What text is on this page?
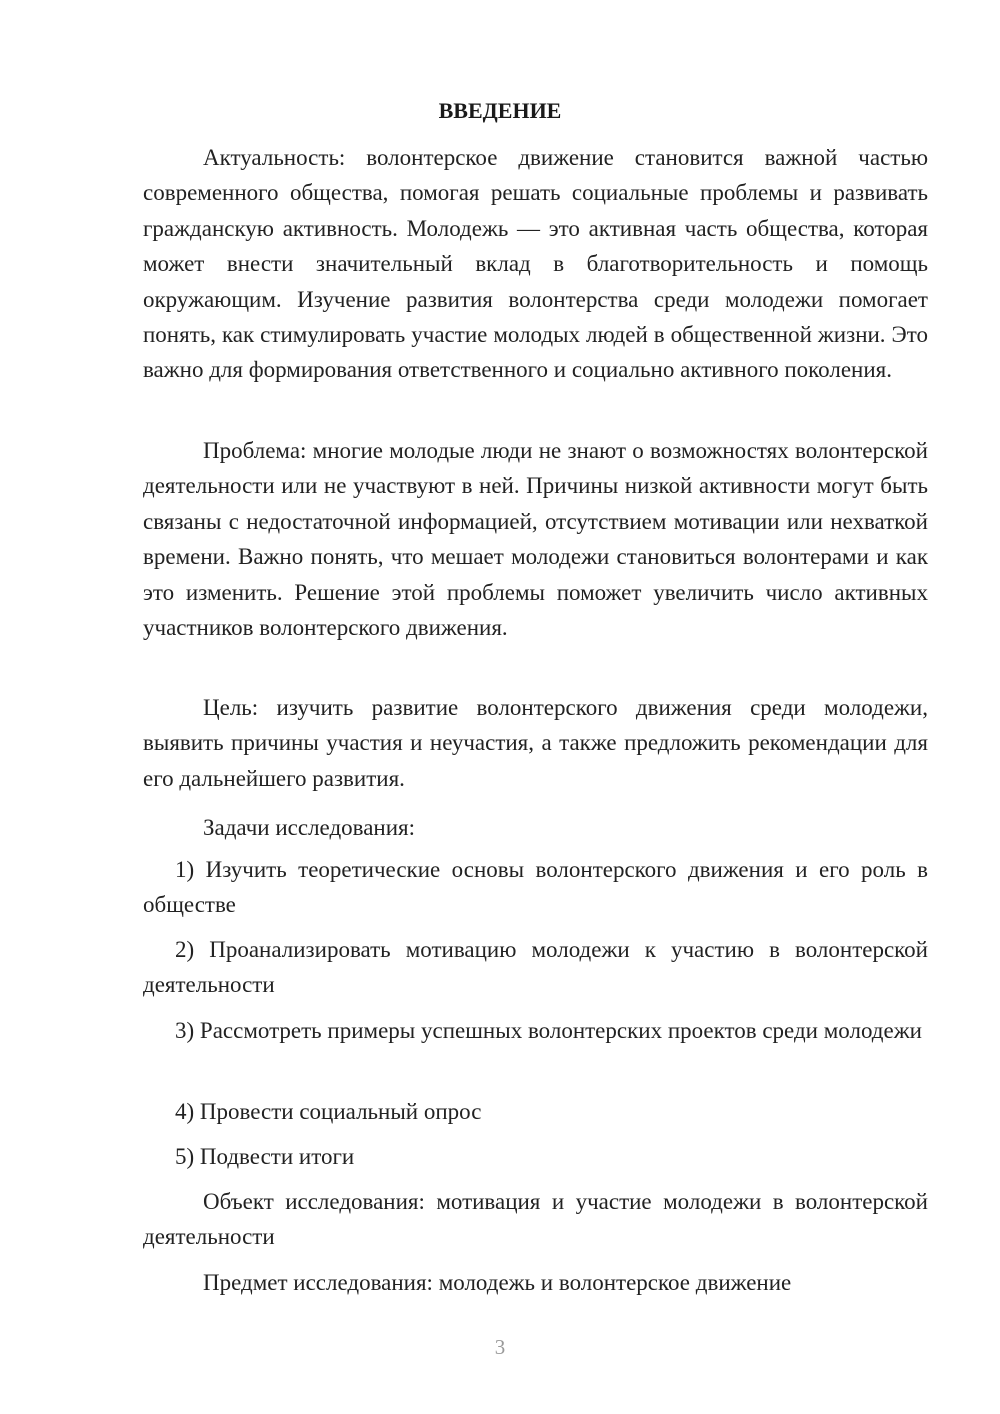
ВВЕДЕНИЕ

Актуальность: волонтерское движение становится важной частью современного общества, помогая решать социальные проблемы и развивать гражданскую активность. Молодежь — это активная часть общества, которая может внести значительный вклад в благотворительность и помощь окружающим. Изучение развития волонтерства среди молодежи помогает понять, как стимулировать участие молодых людей в общественной жизни. Это важно для формирования ответственного и социально активного поколения.

Проблема: многие молодые люди не знают о возможностях волонтерской деятельности или не участвуют в ней. Причины низкой активности могут быть связаны с недостаточной информацией, отсутствием мотивации или нехваткой времени. Важно понять, что мешает молодежи становиться волонтерами и как это изменить. Решение этой проблемы поможет увеличить число активных участников волонтерского движения.

Цель: изучить развитие волонтерского движения среди молодежи, выявить причины участия и неучастия, а также предложить рекомендации для его дальнейшего развития.

Задачи исследования:

1) Изучить теоретические основы волонтерского движения и его роль в обществе

2) Проанализировать мотивацию молодежи к участию в волонтерской деятельности

3) Рассмотреть примеры успешных волонтерских проектов среди молодежи

4) Провести социальный опрос

5) Подвести итоги

Объект исследования: мотивация и участие молодежи в волонтерской деятельности

Предмет исследования: молодежь и волонтерское движение

3
